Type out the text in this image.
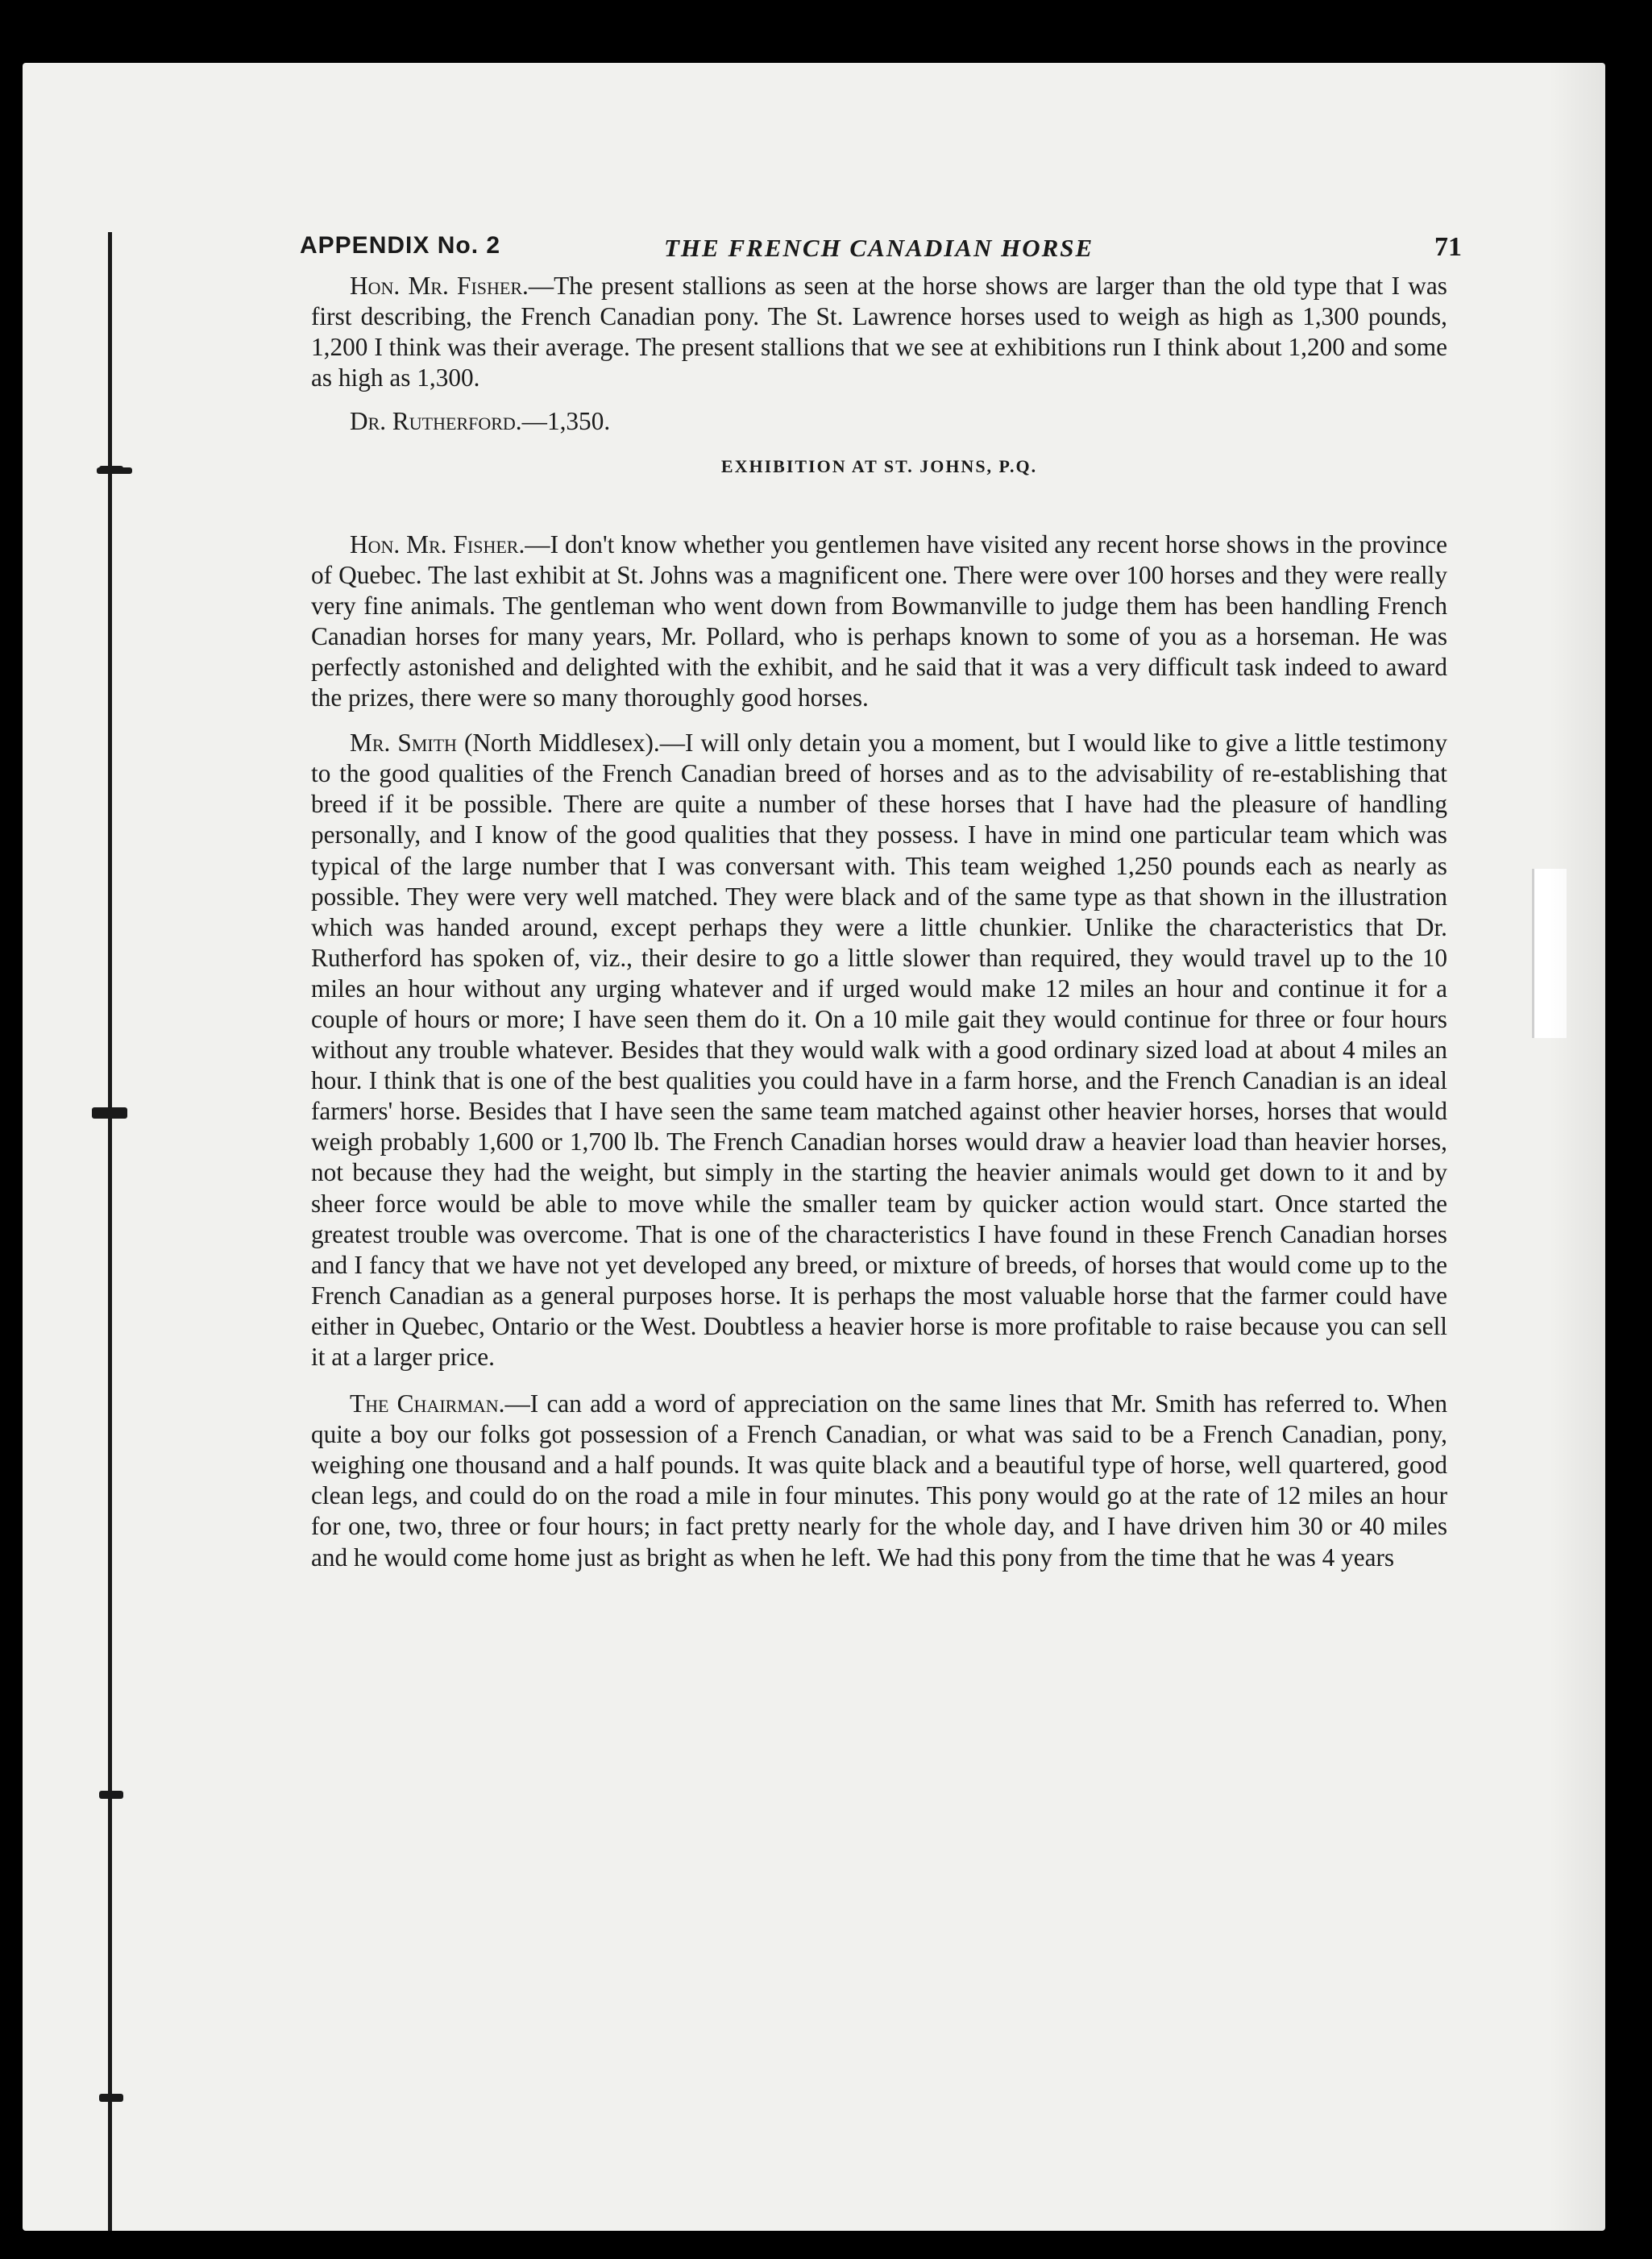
THE FRENCH CANADIAN HORSE	71
APPENDIX No. 2

Hon. Mr. Fisher.—The present stallions as seen at the horse shows are larger than the old type that I was first describing, the French Canadian pony. The St. Lawrence horses used to weigh as high as 1,300 pounds, 1,200 I think was their average. The present stallions that we see at exhibitions run I think about 1,200 and some as high as 1,300.

Dr. Rutherford.—1,350.

EXHIBITION AT ST. JOHNS, P.Q.

Hon. Mr. Fisher.—I don't know whether you gentlemen have visited any recent horse shows in the province of Quebec. The last exhibit at St. Johns was a magnificent one. There were over 100 horses and they were really very fine animals. The gentleman who went down from Bowmanville to judge them has been handling French Canadian horses for many years, Mr. Pollard, who is perhaps known to some of you as a horseman. He was perfectly astonished and delighted with the exhibit, and he said that it was a very difficult task indeed to award the prizes, there were so many thoroughly good horses.

Mr. Smith (North Middlesex).—I will only detain you a moment, but I would like to give a little testimony to the good qualities of the French Canadian breed of horses and as to the advisability of re-establishing that breed if it be possible. There are quite a number of these horses that I have had the pleasure of handling personally, and I know of the good qualities that they possess. I have in mind one particular team which was typical of the large number that I was conversant with. This team weighed 1,250 pounds each as nearly as possible. They were very well matched. They were black and of the same type as that shown in the illustration which was handed around, except perhaps they were a little chunkier. Unlike the characteristics that Dr. Rutherford has spoken of, viz., their desire to go a little slower than required, they would travel up to the 10 miles an hour without any urging whatever and if urged would make 12 miles an hour and continue it for a couple of hours or more; I have seen them do it. On a 10 mile gait they would continue for three or four hours without any trouble whatever. Besides that they would walk with a good ordinary sized load at about 4 miles an hour. I think that is one of the best qualities you could have in a farm horse, and the French Canadian is an ideal farmers' horse. Besides that I have seen the same team matched against other heavier horses, horses that would weigh probably 1,600 or 1,700 lb. The French Canadian horses would draw a heavier load than heavier horses, not because they had the weight, but simply in the starting the heavier animals would get down to it and by sheer force would be able to move while the smaller team by quicker action would start. Once started the greatest trouble was overcome. That is one of the characteristics I have found in these French Canadian horses and I fancy that we have not yet developed any breed, or mixture of breeds, of horses that would come up to the French Canadian as a general purposes horse. It is perhaps the most valuable horse that the farmer could have either in Quebec, Ontario or the West. Doubtless a heavier horse is more profitable to raise because you can sell it at a larger price.

The Chairman.—I can add a word of appreciation on the same lines that Mr. Smith has referred to. When quite a boy our folks got possession of a French Canadian, or what was said to be a French Canadian, pony, weighing one thousand and a half pounds. It was quite black and a beautiful type of horse, well quartered, good clean legs, and could do on the road a mile in four minutes. This pony would go at the rate of 12 miles an hour for one, two, three or four hours; in fact pretty nearly for the whole day, and I have driven him 30 or 40 miles and he would come home just as bright as when he left. We had this pony from the time that he was 4 years
